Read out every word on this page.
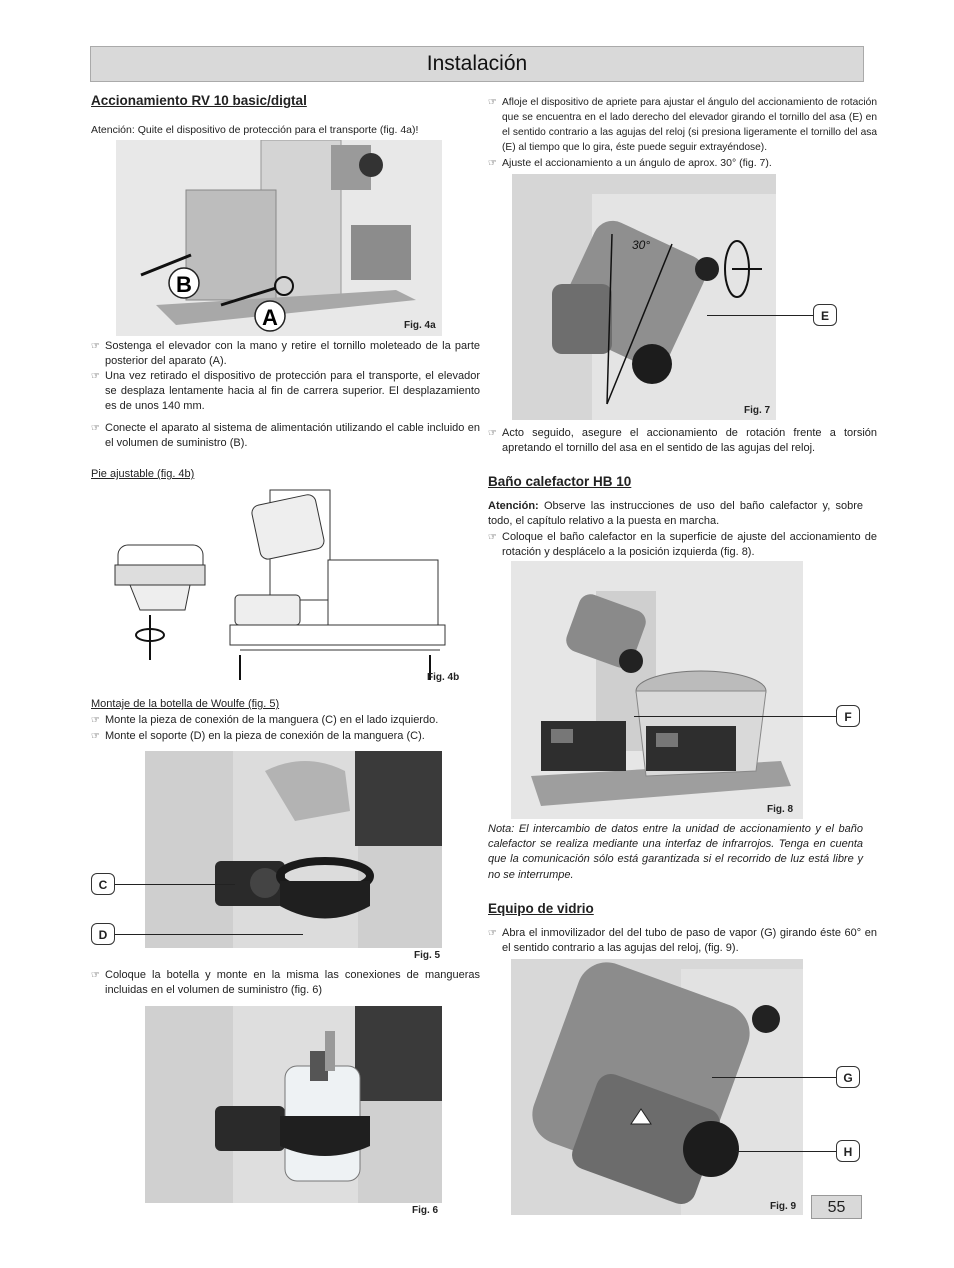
Instalación
Accionamiento RV 10 basic/digtal

Atención: Quite el dispositivo de protección para el transporte (fig. 4a)!

B
A	Fig. 4a

☞ Sostenga el elevador con la mano y retire el tornillo moleteado de la parte posterior del aparato (A).

☞ Una vez retirado el dispositivo de protección para el transporte, el elevador se desplaza lentamente hacia al fin de carrera superior. El desplazamiento es de unos 140 mm.

☞ Conecte el aparato al sistema de alimentación utilizando el cable incluido en el volumen de suministro (B).

Pie ajustable (fig. 4b)
Fig. 4b
Montaje de la botella de Woulfe (fig. 5)

☞ Monte la pieza de conexión de la manguera (C) en el lado izquierdo.

☞ Monte el soporte (D) en la pieza de conexión de la manguera (C).

C
D
Fig. 5

☞ Coloque la botella y monte en la misma las conexiones de mangueras incluidas en el volumen de suministro (fig. 6)

Fig. 6

☞ Afloje el dispositivo de apriete para ajustar el ángulo del accionamiento de rotación que se encuentra en el lado derecho del elevador girando el tornillo del asa (E) en el sentido contrario a las agujas del reloj (si presiona ligeramente el tornillo del asa (E) al tiempo que lo gira, éste puede seguir extrayéndose).

☞ Ajuste el accionamiento a un ángulo de aprox. 30° (fig. 7).

30°
E
Fig. 7

☞ Acto seguido, asegure el accionamiento de rotación frente a torsión apretando el tornillo del asa en el sentido de las agujas del reloj.

Baño calefactor HB 10

Atención: Observe las instrucciones de uso del baño calefactor y, sobre todo, el capítulo relativo a la puesta en marcha.

☞ Coloque el baño calefactor en la superficie de ajuste del accionamiento de rotación y desplácelo a la posición izquierda (fig. 8).

F
Fig. 8

Nota: El intercambio de datos entre la unidad de accionamiento y el baño calefactor se realiza mediante una interfaz de infrarrojos. Tenga en cuenta que la comunicación sólo está garantizada si el recorrido de luz está libre y no se interrumpe.

Equipo de vidrio

☞ Abra el inmovilizador del del tubo de paso de vapor (G) girando éste 60° en el sentido contrario a las agujas del reloj, (fig. 9).

G
H
Fig. 9	55
